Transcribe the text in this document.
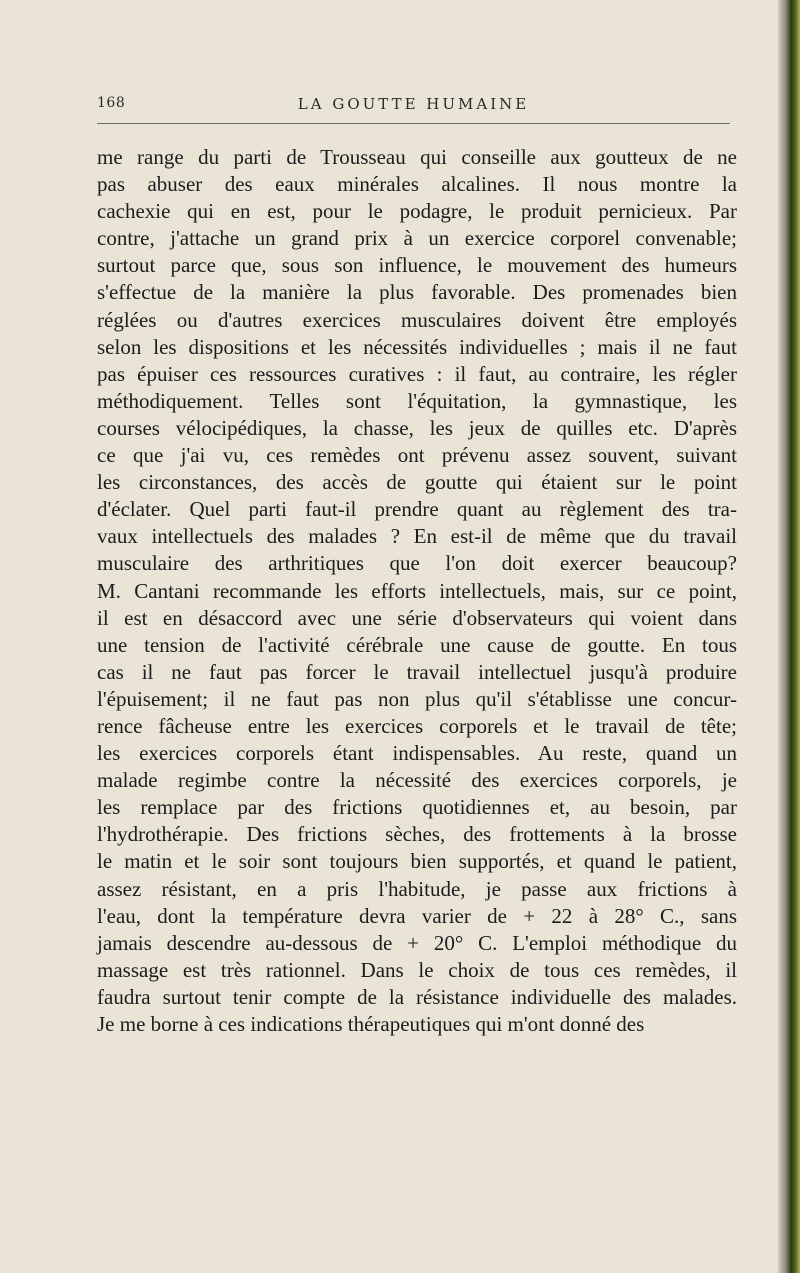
168	LA GOUTTE HUMAINE
me range du parti de Trousseau qui conseille aux goutteux de ne
pas abuser des eaux minérales alcalines. Il nous montre la
cachexie qui en est, pour le podagre, le produit pernicieux. Par
contre, j'attache un grand prix à un exercice corporel convenable;
surtout parce que, sous son influence, le mouvement des humeurs
s'effectue de la manière la plus favorable. Des promenades bien
réglées ou d'autres exercices musculaires doivent être employés
selon les dispositions et les nécessités individuelles ; mais il ne faut
pas épuiser ces ressources curatives : il faut, au contraire, les régler
méthodiquement. Telles sont l'équitation, la gymnastique, les
courses vélocipédiques, la chasse, les jeux de quilles etc. D'après
ce que j'ai vu, ces remèdes ont prévenu assez souvent, suivant
les circonstances, des accès de goutte qui étaient sur le point
d'éclater. Quel parti faut-il prendre quant au règlement des tra-
vaux intellectuels des malades ? En est-il de même que du travail
musculaire des arthritiques que l'on doit exercer beaucoup?
M. Cantani recommande les efforts intellectuels, mais, sur ce point,
il est en désaccord avec une série d'observateurs qui voient dans
une tension de l'activité cérébrale une cause de goutte. En tous
cas il ne faut pas forcer le travail intellectuel jusqu'à produire
l'épuisement; il ne faut pas non plus qu'il s'établisse une concur-
rence fâcheuse entre les exercices corporels et le travail de tête;
les exercices corporels étant indispensables. Au reste, quand un
malade regimbe contre la nécessité des exercices corporels, je
les remplace par des frictions quotidiennes et, au besoin, par
l'hydrothérapie. Des frictions sèches, des frottements à la brosse
le matin et le soir sont toujours bien supportés, et quand le patient,
assez résistant, en a pris l'habitude, je passe aux frictions à
l'eau, dont la température devra varier de + 22 à 28° C., sans
jamais descendre au-dessous de + 20° C. L'emploi méthodique du
massage est très rationnel. Dans le choix de tous ces remèdes, il
faudra surtout tenir compte de la résistance individuelle des malades.
Je me borne à ces indications thérapeutiques qui m'ont donné des
